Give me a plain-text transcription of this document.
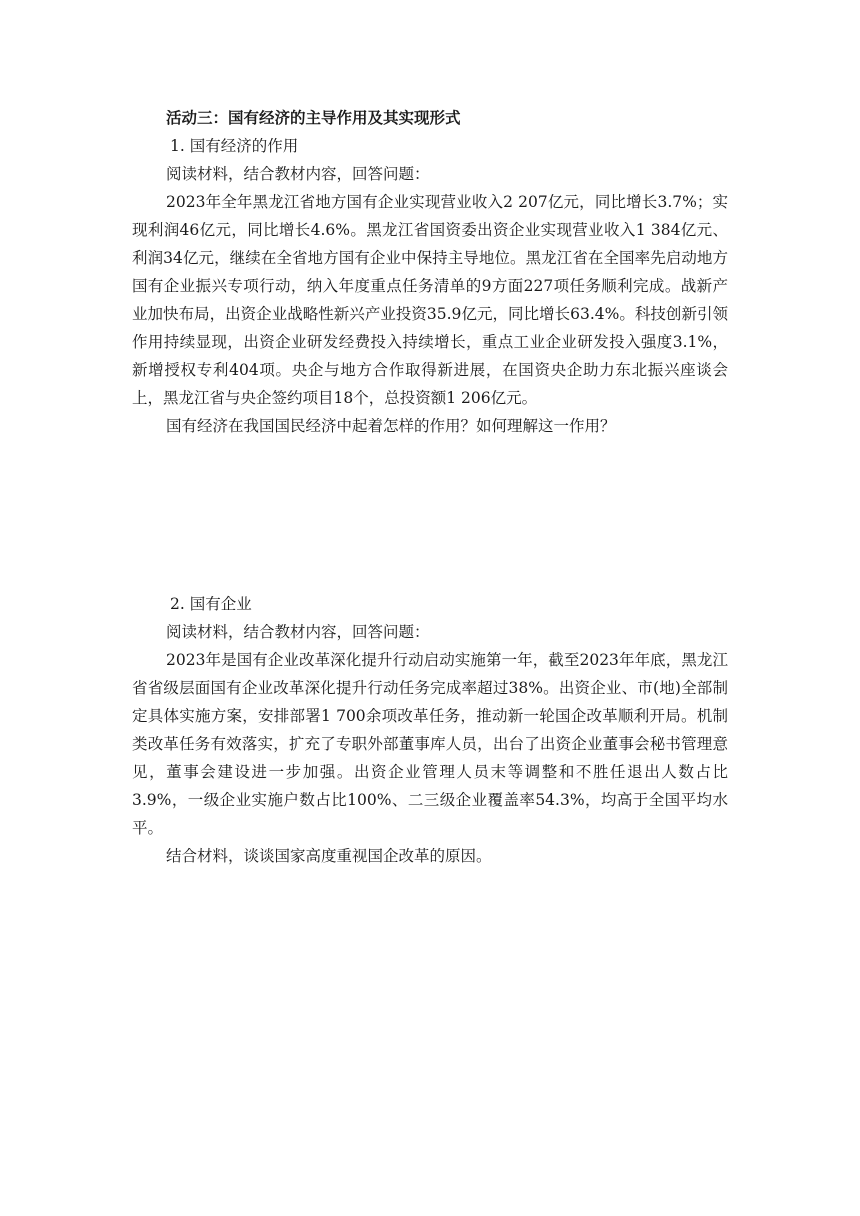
活动三：国有经济的主导作用及其实现形式

1. 国有经济的作用

阅读材料，结合教材内容，回答问题：

2023年全年黑龙江省地方国有企业实现营业收入2 207亿元，同比增长3.7%；实现利润46亿元，同比增长4.6%。黑龙江省国资委出资企业实现营业收入1 384亿元、利润34亿元，继续在全省地方国有企业中保持主导地位。黑龙江省在全国率先启动地方国有企业振兴专项行动，纳入年度重点任务清单的9方面227项任务顺利完成。战新产业加快布局，出资企业战略性新兴产业投资35.9亿元，同比增长63.4%。科技创新引领作用持续显现，出资企业研发经费投入持续增长，重点工业企业研发投入强度3.1%，新增授权专利404项。央企与地方合作取得新进展，在国资央企助力东北振兴座谈会上，黑龙江省与央企签约项目18个，总投资额1 206亿元。

国有经济在我国国民经济中起着怎样的作用？如何理解这一作用？

2. 国有企业

阅读材料，结合教材内容，回答问题：

2023年是国有企业改革深化提升行动启动实施第一年，截至2023年年底，黑龙江省省级层面国有企业改革深化提升行动任务完成率超过38%。出资企业、市(地)全部制定具体实施方案，安排部署1 700余项改革任务，推动新一轮国企改革顺利开局。机制类改革任务有效落实，扩充了专职外部董事库人员，出台了出资企业董事会秘书管理意见，董事会建设进一步加强。出资企业管理人员末等调整和不胜任退出人数占比3.9%，一级企业实施户数占比100%、二三级企业覆盖率54.3%，均高于全国平均水平。

结合材料，谈谈国家高度重视国企改革的原因。
